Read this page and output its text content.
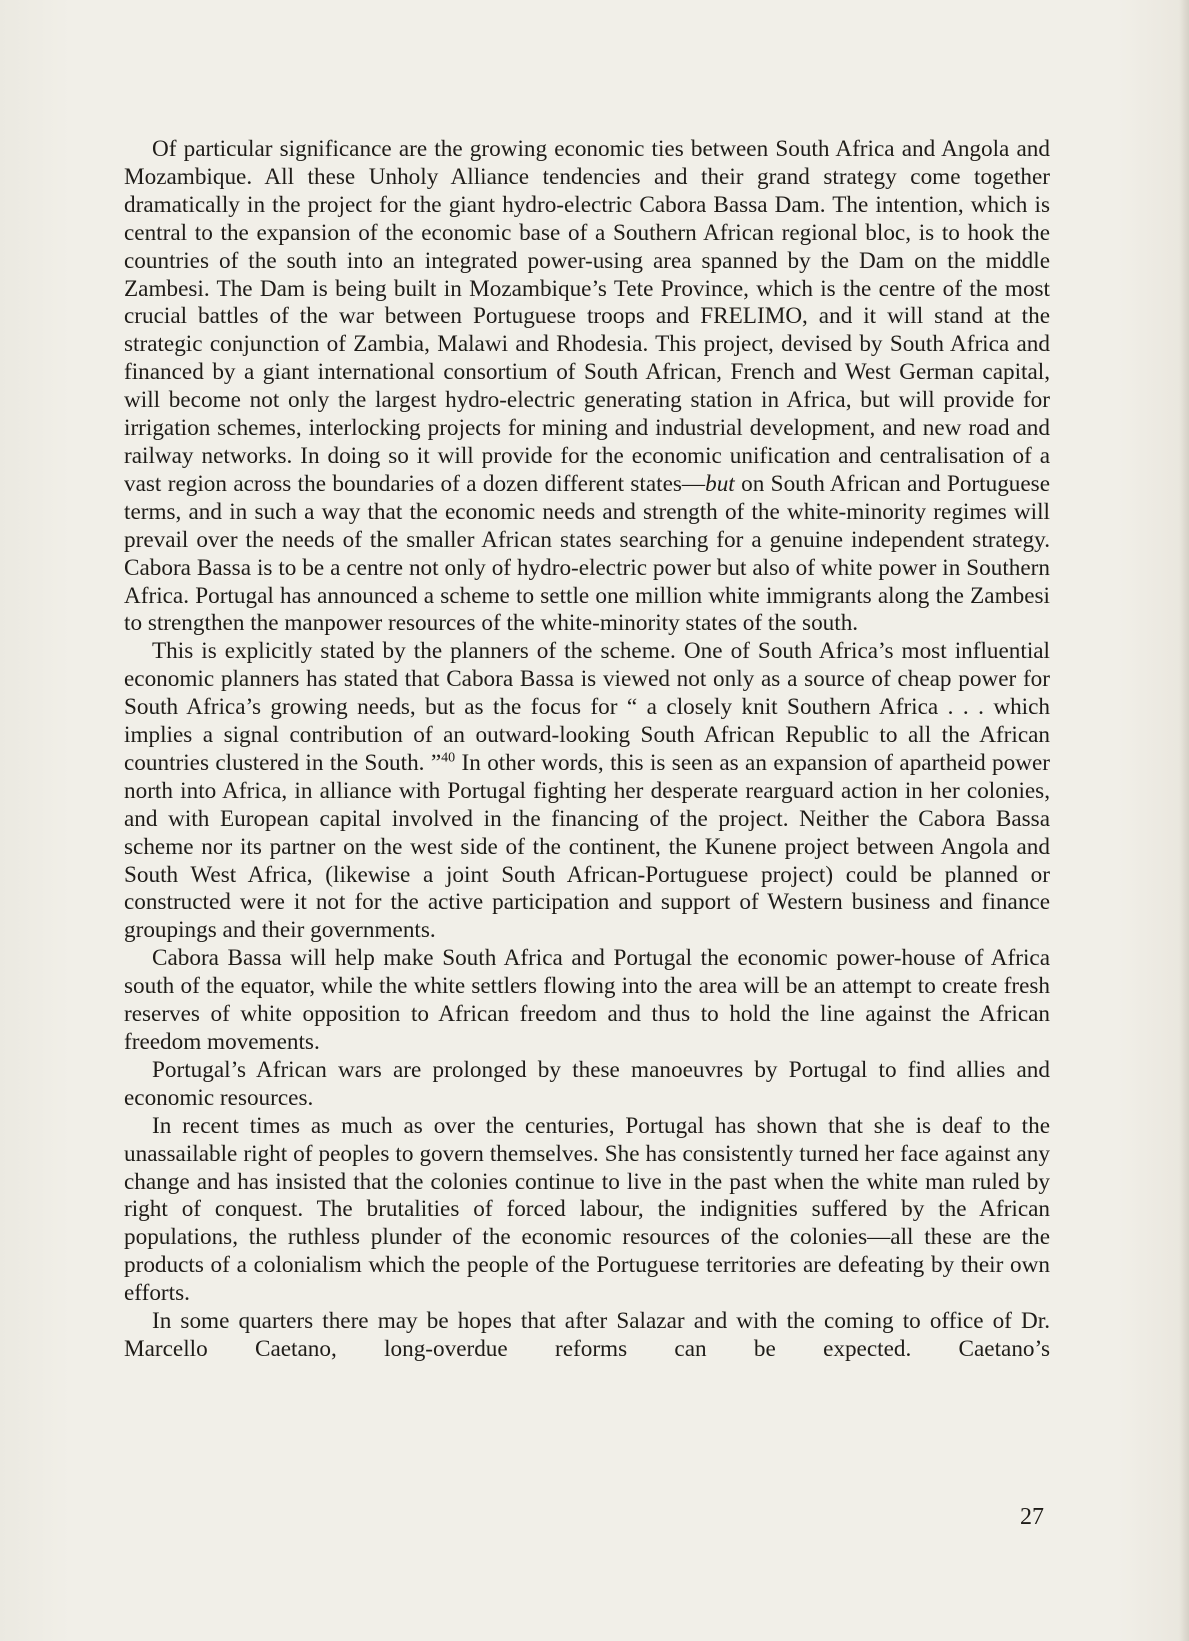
Of particular significance are the growing economic ties between South Africa and Angola and Mozambique. All these Unholy Alliance tendencies and their grand strategy come together dramatically in the project for the giant hydro-electric Cabora Bassa Dam. The intention, which is central to the expansion of the economic base of a Southern African regional bloc, is to hook the countries of the south into an integrated power-using area spanned by the Dam on the middle Zambesi. The Dam is being built in Mozambique’s Tete Province, which is the centre of the most crucial battles of the war between Portuguese troops and FRELIMO, and it will stand at the strategic conjunction of Zambia, Malawi and Rhodesia. This project, devised by South Africa and financed by a giant international consortium of South African, French and West German capital, will become not only the largest hydro-electric generating station in Africa, but will provide for irrigation schemes, interlocking projects for mining and industrial development, and new road and railway networks. In doing so it will provide for the economic unification and centralisation of a vast region across the boundaries of a dozen different states—but on South African and Portuguese terms, and in such a way that the economic needs and strength of the white-minority regimes will prevail over the needs of the smaller African states searching for a genuine independent strategy. Cabora Bassa is to be a centre not only of hydro-electric power but also of white power in Southern Africa. Portugal has announced a scheme to settle one million white immigrants along the Zambesi to strengthen the manpower resources of the white-minority states of the south.

This is explicitly stated by the planners of the scheme. One of South Africa’s most influential economic planners has stated that Cabora Bassa is viewed not only as a source of cheap power for South Africa’s growing needs, but as the focus for “ a closely knit Southern Africa . . . which implies a signal contribution of an outward-looking South African Republic to all the African countries clustered in the South. ”$^{40}$ In other words, this is seen as an expansion of apartheid power north into Africa, in alliance with Portugal fighting her desperate rearguard action in her colonies, and with European capital involved in the financing of the project. Neither the Cabora Bassa scheme nor its partner on the west side of the continent, the Kunene project between Angola and South West Africa, (likewise a joint South African-Portuguese project) could be planned or constructed were it not for the active participation and support of Western business and finance groupings and their governments.

Cabora Bassa will help make South Africa and Portugal the economic power-house of Africa south of the equator, while the white settlers flowing into the area will be an attempt to create fresh reserves of white opposition to African freedom and thus to hold the line against the African freedom movements.

Portugal’s African wars are prolonged by these manoeuvres by Portugal to find allies and economic resources.

In recent times as much as over the centuries, Portugal has shown that she is deaf to the unassailable right of peoples to govern themselves. She has consistently turned her face against any change and has insisted that the colonies continue to live in the past when the white man ruled by right of conquest. The brutalities of forced labour, the indignities suffered by the African populations, the ruthless plunder of the economic resources of the colonies—all these are the products of a colonialism which the people of the Portuguese territories are defeating by their own efforts.

In some quarters there may be hopes that after Salazar and with the coming to office of Dr. Marcello Caetano, long-overdue reforms can be expected. Caetano’s

27
